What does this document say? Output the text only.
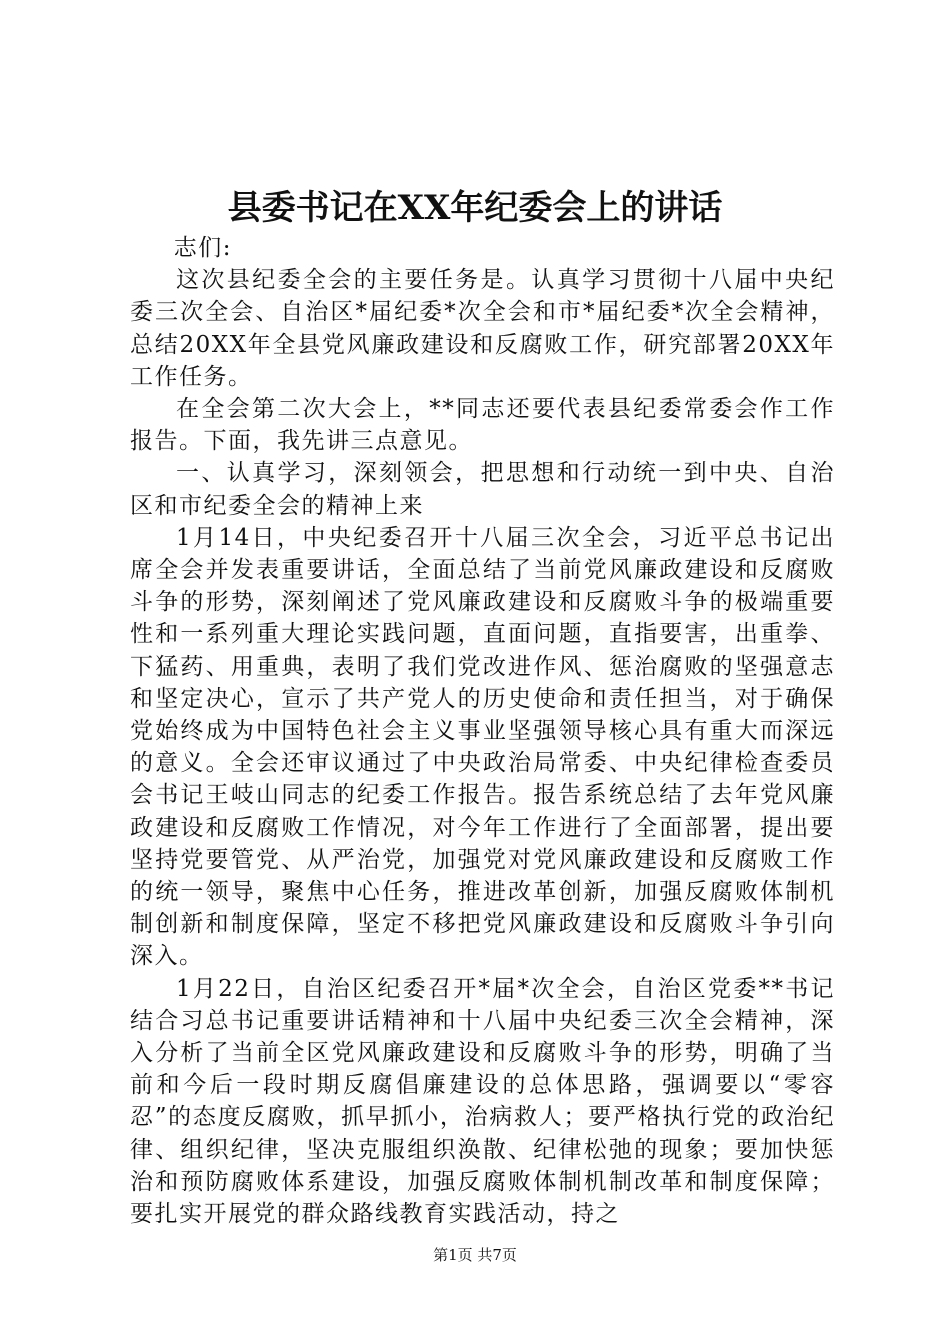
县委书记在XX年纪委会上的讲话

志们:

这次县纪委全会的主要任务是。认真学习贯彻十八届中央纪委三次全会、自治区*届纪委*次全会和市*届纪委*次全会精神，总结20XX年全县党风廉政建设和反腐败工作，研究部署20XX年工作任务。

在全会第二次大会上，**同志还要代表县纪委常委会作工作报告。下面，我先讲三点意见。

一、认真学习，深刻领会，把思想和行动统一到中央、自治区和市纪委全会的精神上来

1月14日，中央纪委召开十八届三次全会，习近平总书记出席全会并发表重要讲话，全面总结了当前党风廉政建设和反腐败斗争的形势，深刻阐述了党风廉政建设和反腐败斗争的极端重要性和一系列重大理论实践问题，直面问题，直指要害，出重拳、下猛药、用重典，表明了我们党改进作风、惩治腐败的坚强意志和坚定决心，宣示了共产党人的历史使命和责任担当，对于确保党始终成为中国特色社会主义事业坚强领导核心具有重大而深远的意义。全会还审议通过了中央政治局常委、中央纪律检查委员会书记王岐山同志的纪委工作报告。报告系统总结了去年党风廉政建设和反腐败工作情况，对今年工作进行了全面部署，提出要坚持党要管党、从严治党，加强党对党风廉政建设和反腐败工作的统一领导，聚焦中心任务，推进改革创新，加强反腐败体制机制创新和制度保障，坚定不移把党风廉政建设和反腐败斗争引向深入。

1月22日，自治区纪委召开*届*次全会，自治区党委**书记结合习总书记重要讲话精神和十八届中央纪委三次全会精神，深入分析了当前全区党风廉政建设和反腐败斗争的形势，明确了当前和今后一段时期反腐倡廉建设的总体思路，强调要以“零容忍”的态度反腐败，抓早抓小，治病救人；要严格执行党的政治纪律、组织纪律，坚决克服组织涣散、纪律松弛的现象；要加快惩治和预防腐败体系建设，加强反腐败体制机制改革和制度保障；要扎实开展党的群众路线教育实践活动，持之

第1页 共7页
